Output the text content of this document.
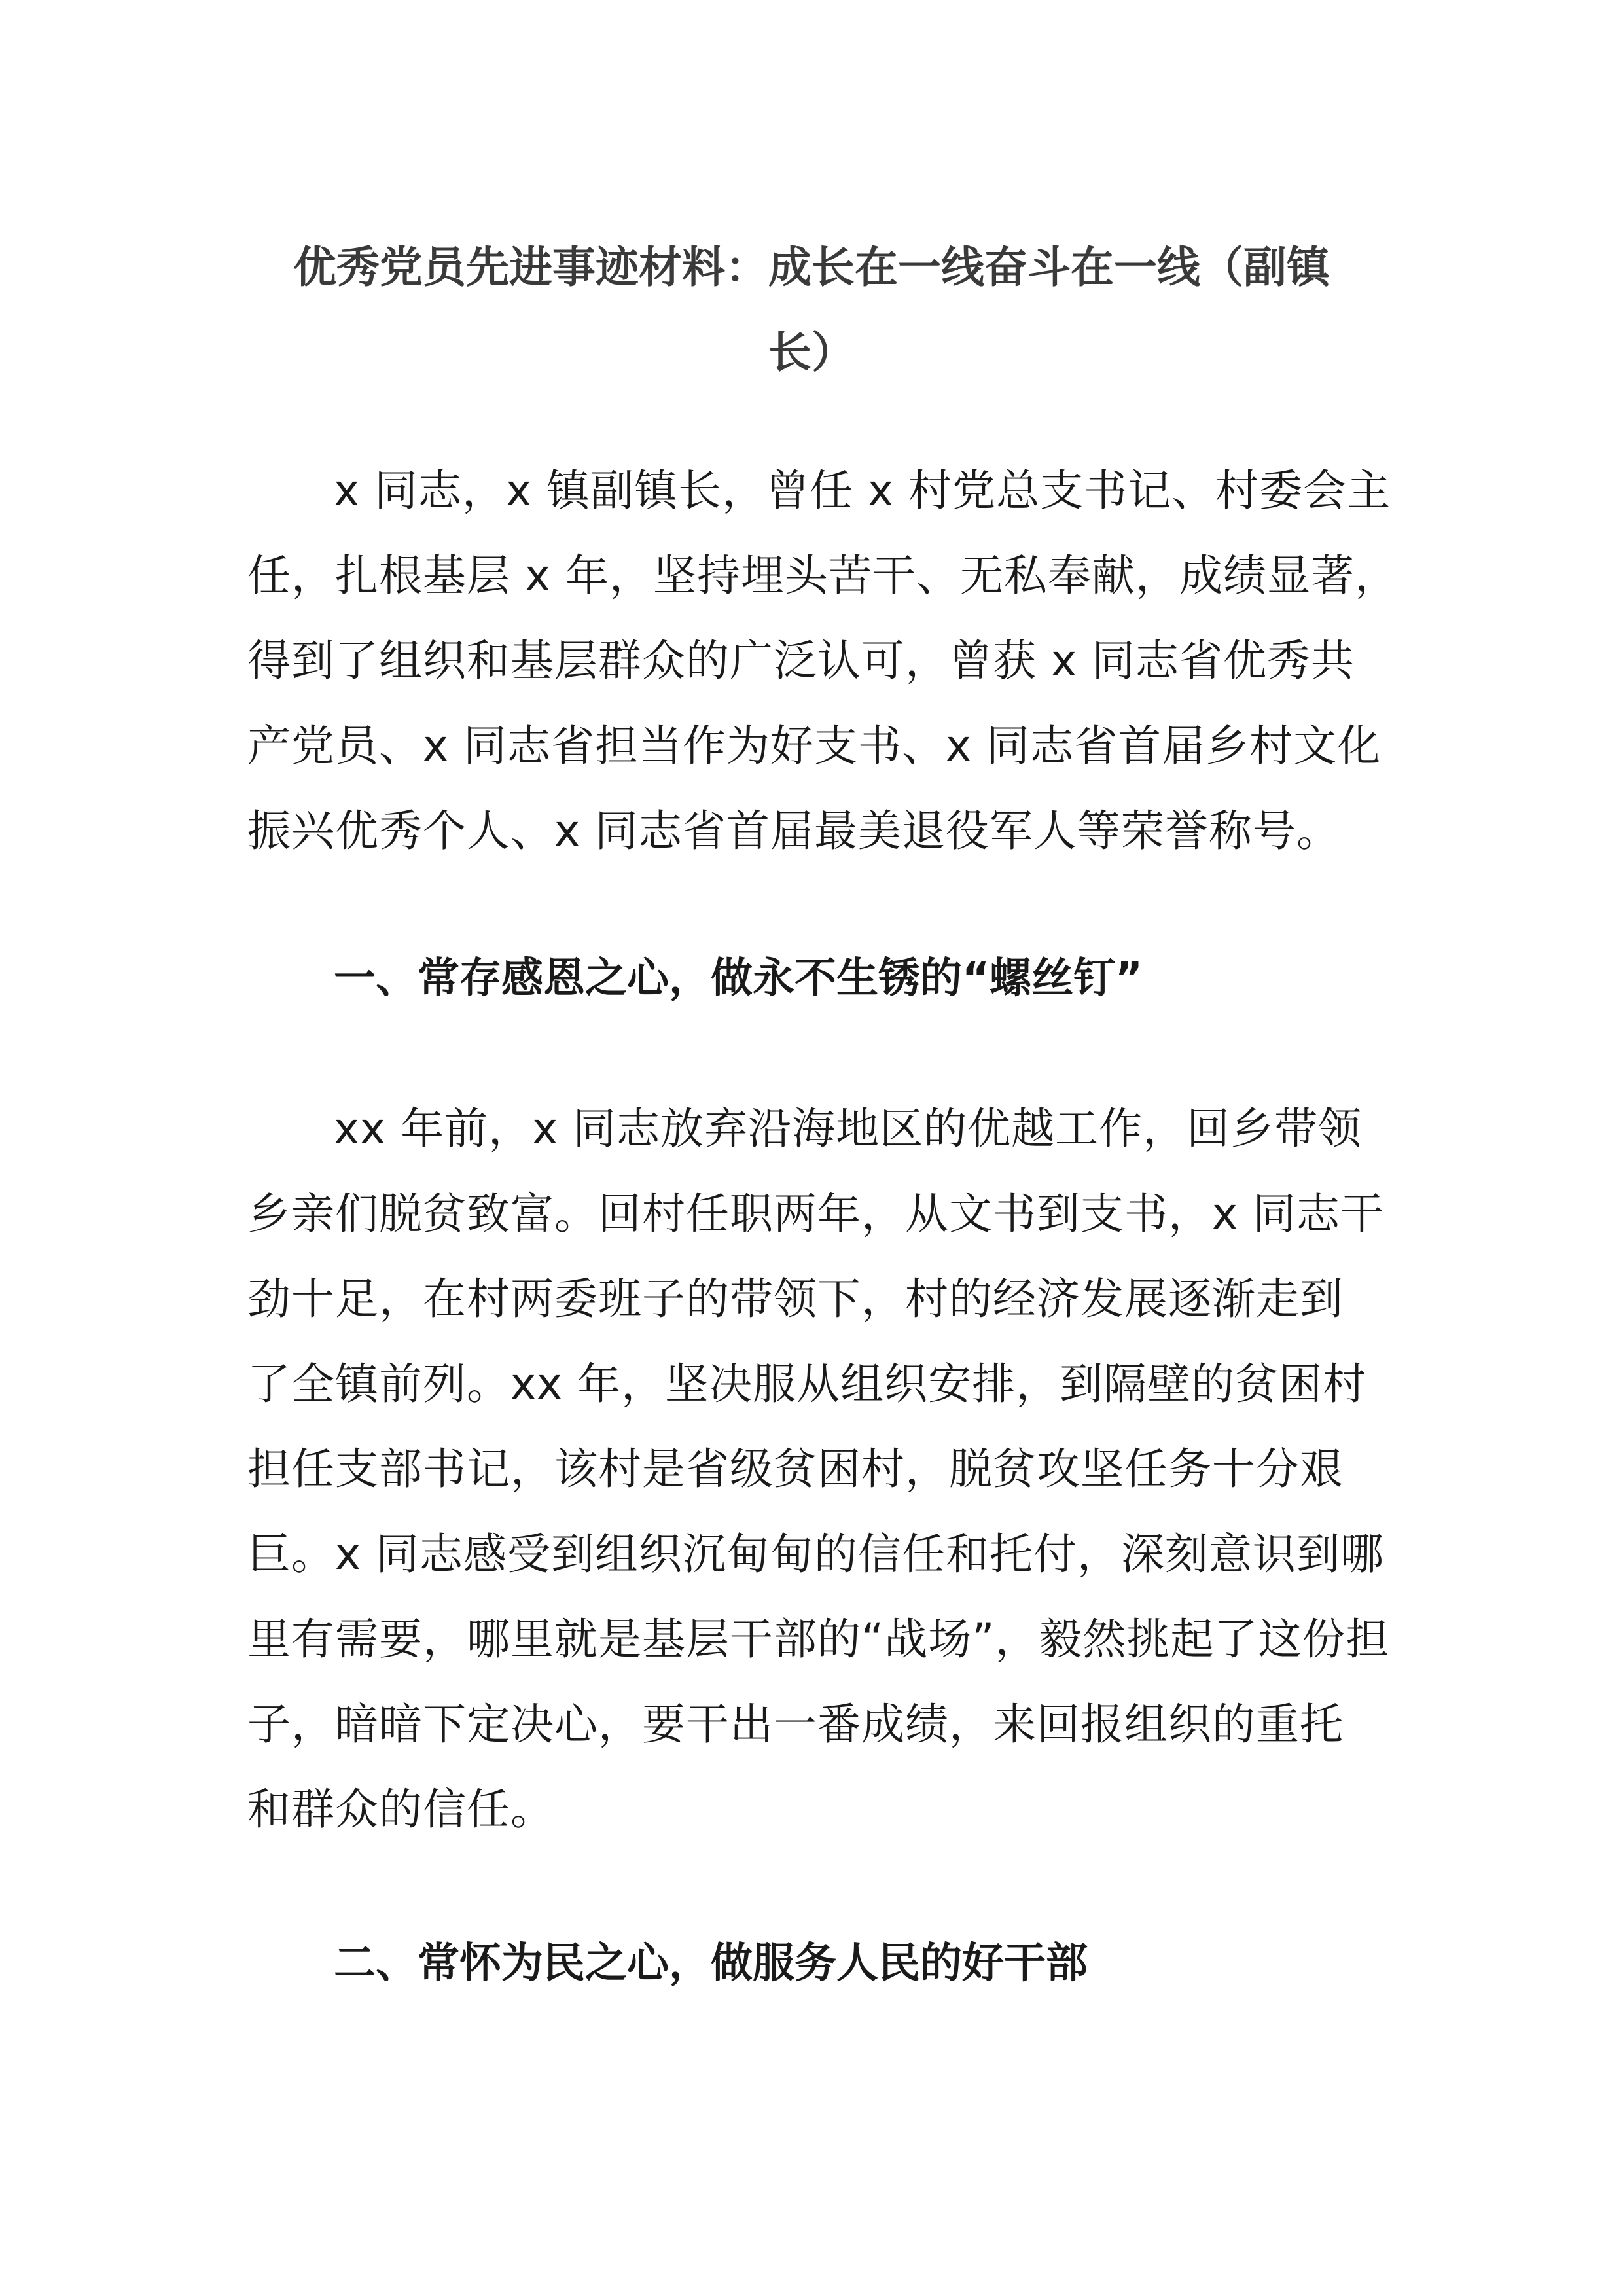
优秀党员先进事迹材料：成长在一线奋斗在一线（副镇
长）
x 同志，x 镇副镇长，曾任 x 村党总支书记、村委会主
任，扎根基层 x 年，坚持埋头苦干、无私奉献，成绩显著，
得到了组织和基层群众的广泛认可，曾获 x 同志省优秀共
产党员、x 同志省担当作为好支书、x 同志省首届乡村文化
振兴优秀个人、x 同志省首届最美退役军人等荣誉称号。
一、常存感恩之心，做永不生锈的“螺丝钉”
xx 年前，x 同志放弃沿海地区的优越工作，回乡带领
乡亲们脱贫致富。回村任职两年，从文书到支书，x 同志干
劲十足，在村两委班子的带领下，村的经济发展逐渐走到
了全镇前列。xx 年，坚决服从组织安排，到隔壁的贫困村
担任支部书记，该村是省级贫困村，脱贫攻坚任务十分艰
巨。x 同志感受到组织沉甸甸的信任和托付，深刻意识到哪
里有需要，哪里就是基层干部的“战场”，毅然挑起了这份担
子，暗暗下定决心，要干出一番成绩，来回报组织的重托
和群众的信任。
二、常怀为民之心，做服务人民的好干部
